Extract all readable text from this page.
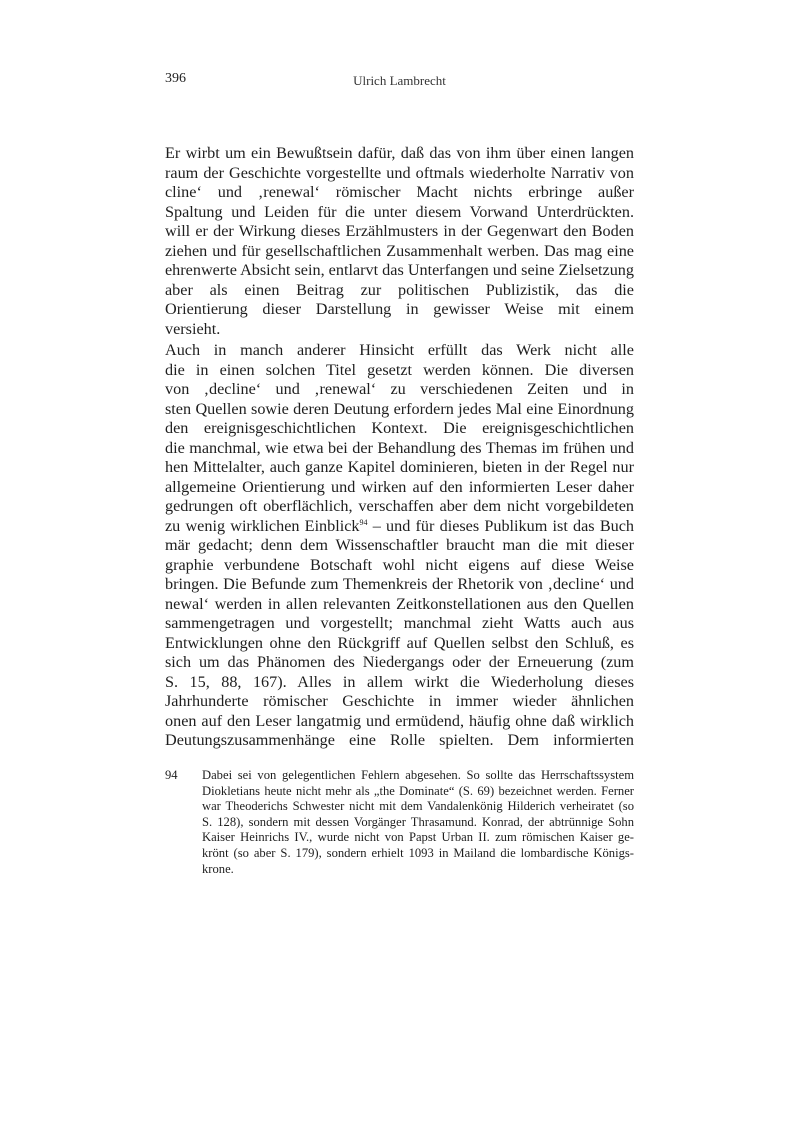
396	Ulrich Lambrecht
Er wirbt um ein Bewußtsein dafür, daß das von ihm über einen langen
raum der Geschichte vorgestellte und oftmals wiederholte Narrativ von
cline‘ und ‚renewal‘ römischer Macht nichts erbringe außer
Spaltung und Leiden für die unter diesem Vorwand Unterdrückten.
will er der Wirkung dieses Erzählmusters in der Gegenwart den Boden
ziehen und für gesellschaftlichen Zusammenhalt werben. Das mag eine
ehrenwerte Absicht sein, entlarvt das Unterfangen und seine Zielsetzung
aber als einen Beitrag zur politischen Publizistik, das die
Orientierung dieser Darstellung in gewisser Weise mit einem
versieht.
Auch in manch anderer Hinsicht erfüllt das Werk nicht alle
die in einen solchen Titel gesetzt werden können. Die diversen
von ‚decline‘ und ‚renewal‘ zu verschiedenen Zeiten und in
sten Quellen sowie deren Deutung erfordern jedes Mal eine Einordnung
den ereignisgeschichtlichen Kontext. Die ereignisgeschichtlichen
die manchmal, wie etwa bei der Behandlung des Themas im frühen und
hen Mittelalter, auch ganze Kapitel dominieren, bieten in der Regel nur
allgemeine Orientierung und wirken auf den informierten Leser daher
gedrungen oft oberflächlich, verschaffen aber dem nicht vorgebildeten
zu wenig wirklichen Einblick$^{94}$ – und für dieses Publikum ist das Buch
mär gedacht; denn dem Wissenschaftler braucht man die mit dieser
graphie verbundene Botschaft wohl nicht eigens auf diese Weise
bringen. Die Befunde zum Themenkreis der Rhetorik von ‚decline‘ und
newal‘ werden in allen relevanten Zeitkonstellationen aus den Quellen
sammengetragen und vorgestellt; manchmal zieht Watts auch aus
Entwicklungen ohne den Rückgriff auf Quellen selbst den Schluß, es
sich um das Phänomen des Niedergangs oder der Erneuerung (zum
S. 15, 88, 167). Alles in allem wirkt die Wiederholung dieses
Jahrhunderte römischer Geschichte in immer wieder ähnlichen
onen auf den Leser langatmig und ermüdend, häufig ohne daß wirklich
Deutungszusammenhänge eine Rolle spielten. Dem informierten
94 Dabei sei von gelegentlichen Fehlern abgesehen. So sollte das Herrschaftssystem
Diokletians heute nicht mehr als „the Dominate“ (S. 69) bezeichnet werden. Ferner
war Theoderichs Schwester nicht mit dem Vandalenkönig Hilderich verheiratet (so
S. 128), sondern mit dessen Vorgänger Thrasamund. Konrad, der abtrünnige Sohn
Kaiser Heinrichs IV., wurde nicht von Papst Urban II. zum römischen Kaiser ge-
krönt (so aber S. 179), sondern erhielt 1093 in Mailand die lombardische Königs-
krone.
